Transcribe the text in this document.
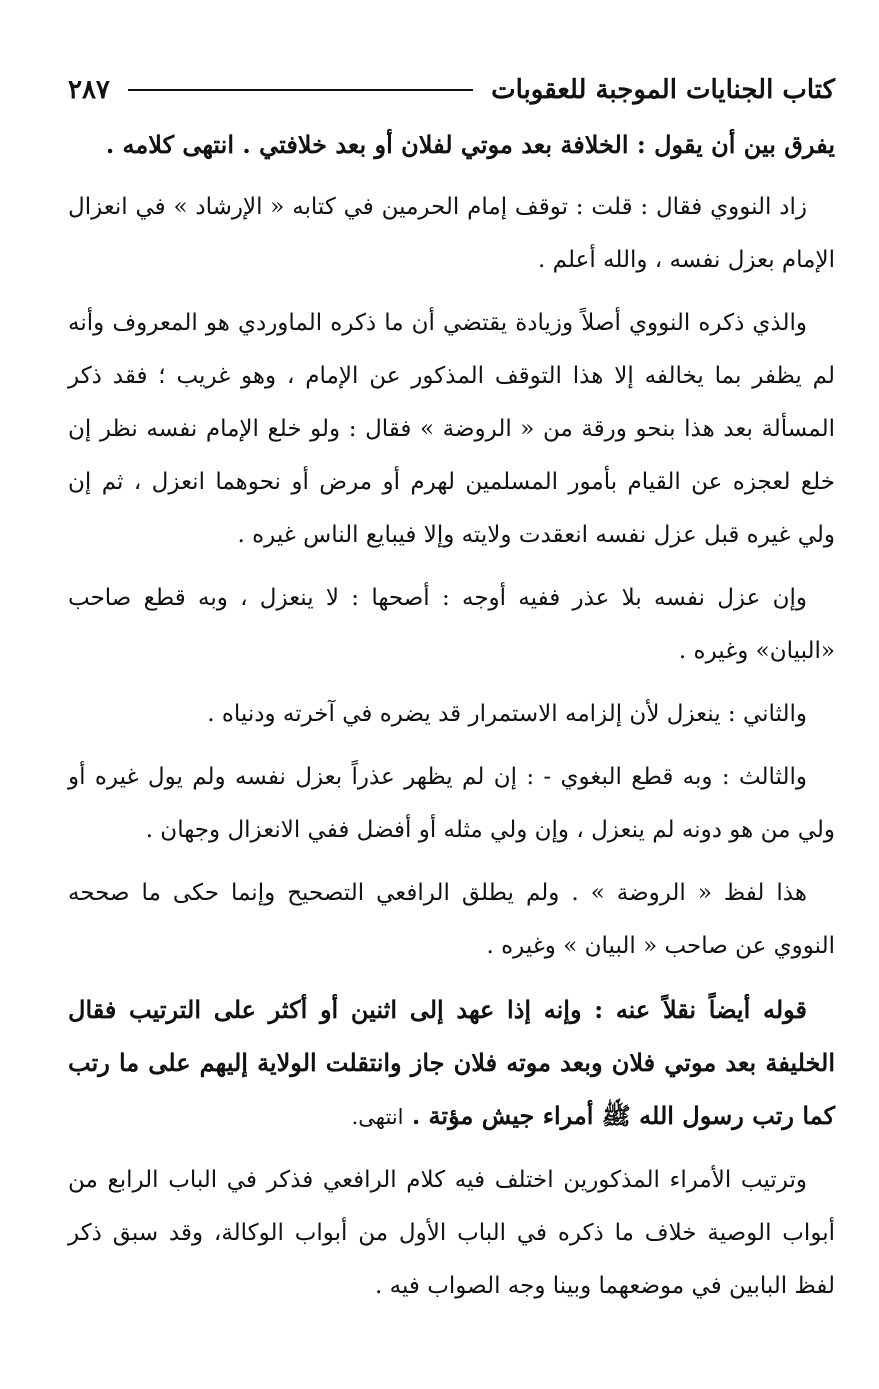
كتاب الجنايات الموجبة للعقوبات
٢٨٧

يفرق بين أن يقول : الخلافة بعد موتي لفلان أو بعد خلافتي . انتهى كلامه .

زاد النووي فقال : قلت : توقف إمام الحرمين في كتابه « الإرشاد » في انعزال الإمام بعزل نفسه ، والله أعلم .

والذي ذكره النووي أصلاً وزيادة يقتضي أن ما ذكره الماوردي هو المعروف وأنه لم يظفر بما يخالفه إلا هذا التوقف المذكور عن الإمام ، وهو غريب ؛ فقد ذكر المسألة بعد هذا بنحو ورقة من « الروضة » فقال : ولو خلع الإمام نفسه نظر إن خلع لعجزه عن القيام بأمور المسلمين لهرم أو مرض أو نحوهما انعزل ، ثم إن ولي غيره قبل عزل نفسه انعقدت ولايته وإلا فيبايع الناس غيره .

وإن عزل نفسه بلا عذر ففيه أوجه : أصحها : لا ينعزل ، وبه قطع صاحب «البيان» وغيره .

والثاني : ينعزل لأن إلزامه الاستمرار قد يضره في آخرته ودنياه .

والثالث : وبه قطع البغوي - : إن لم يظهر عذراً بعزل نفسه ولم يول غيره أو ولي من هو دونه لم ينعزل ، وإن ولي مثله أو أفضل ففي الانعزال وجهان .

هذا لفظ « الروضة » . ولم يطلق الرافعي التصحيح وإنما حكى ما صححه النووي عن صاحب « البيان » وغيره .

قوله أيضاً نقلاً عنه : وإنه إذا عهد إلى اثنين أو أكثر على الترتيب فقال الخليفة بعد موتي فلان وبعد موته فلان جاز وانتقلت الولاية إليهم على ما رتب كما رتب رسول الله ﷺ أمراء جيش مؤتة . انتهى.

وترتيب الأمراء المذكورين اختلف فيه كلام الرافعي فذكر في الباب الرابع من أبواب الوصية خلاف ما ذكره في الباب الأول من أبواب الوكالة، وقد سبق ذكر لفظ البابين في موضعهما وبينا وجه الصواب فيه .
